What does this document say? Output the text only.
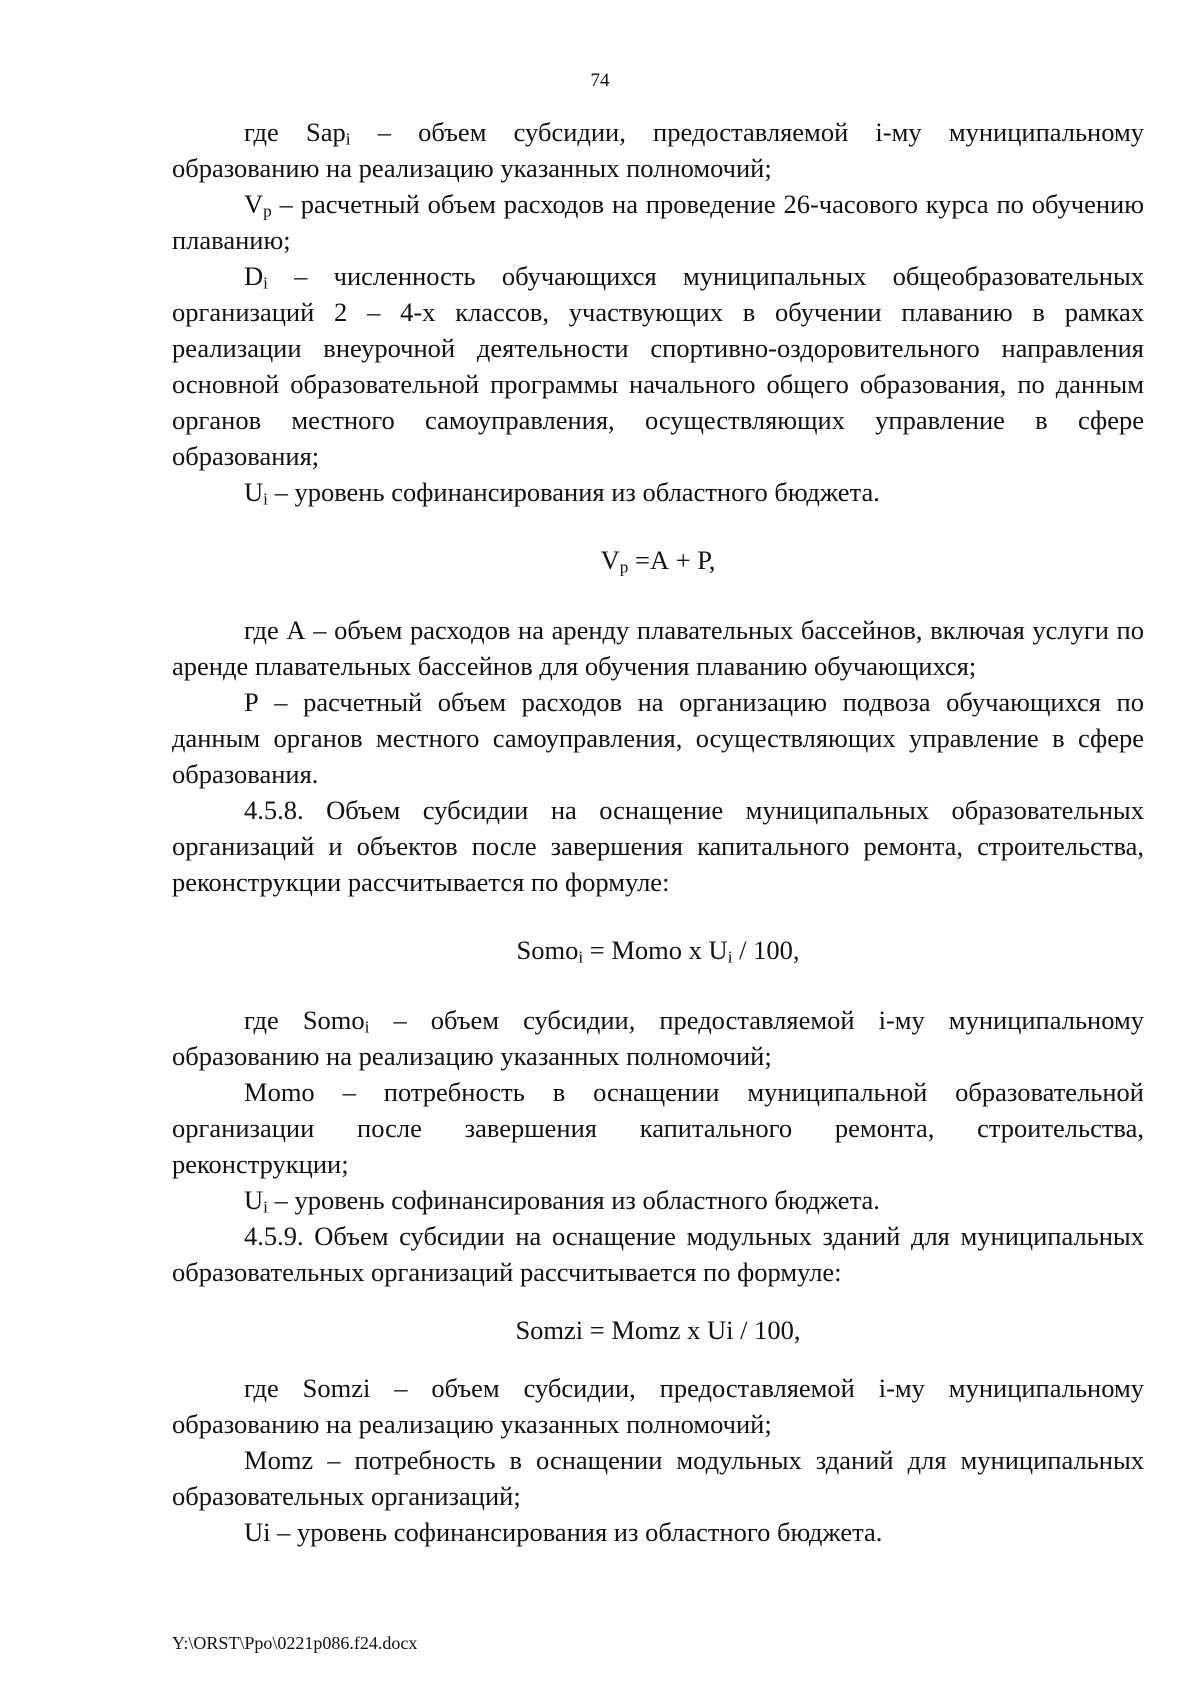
74

где Sapi – объем субсидии, предоставляемой i-му муниципальному образованию на реализацию указанных полномочий;

Vp – расчетный объем расходов на проведение 26-часового курса по обучению плаванию;

Di – численность обучающихся муниципальных общеобразовательных организаций 2 – 4-х классов, участвующих в обучении плаванию в рамках реализации внеурочной деятельности спортивно-оздоровительного направления основной образовательной программы начального общего образования, по данным органов местного самоуправления, осуществляющих управление в сфере образования;

Ui – уровень софинансирования из областного бюджета.

Vp =А + Р,

где А – объем расходов на аренду плавательных бассейнов, включая услуги по аренде плавательных бассейнов для обучения плаванию обучающихся;

Р – расчетный объем расходов на организацию подвоза обучающихся по данным органов местного самоуправления, осуществляющих управление в сфере образования.

4.5.8. Объем субсидии на оснащение муниципальных образовательных организаций и объектов после завершения капитального ремонта, строительства, реконструкции рассчитывается по формуле:

Somoi = Momo x Ui / 100,

где Somoi – объем субсидии, предоставляемой i-му муниципальному образованию на реализацию указанных полномочий;

Momo – потребность в оснащении муниципальной образовательной организации после завершения капитального ремонта, строительства, реконструкции;

Ui – уровень софинансирования из областного бюджета.

4.5.9. Объем субсидии на оснащение модульных зданий для муниципальных образовательных организаций рассчитывается по формуле:

Somzi = Momz x Ui / 100,

где Somzi – объем субсидии, предоставляемой i-му муниципальному образованию на реализацию указанных полномочий;

Momz – потребность в оснащении модульных зданий для муниципальных образовательных организаций;

Ui – уровень софинансирования из областного бюджета.

Y:\ORST\Ppo\0221p086.f24.docx
